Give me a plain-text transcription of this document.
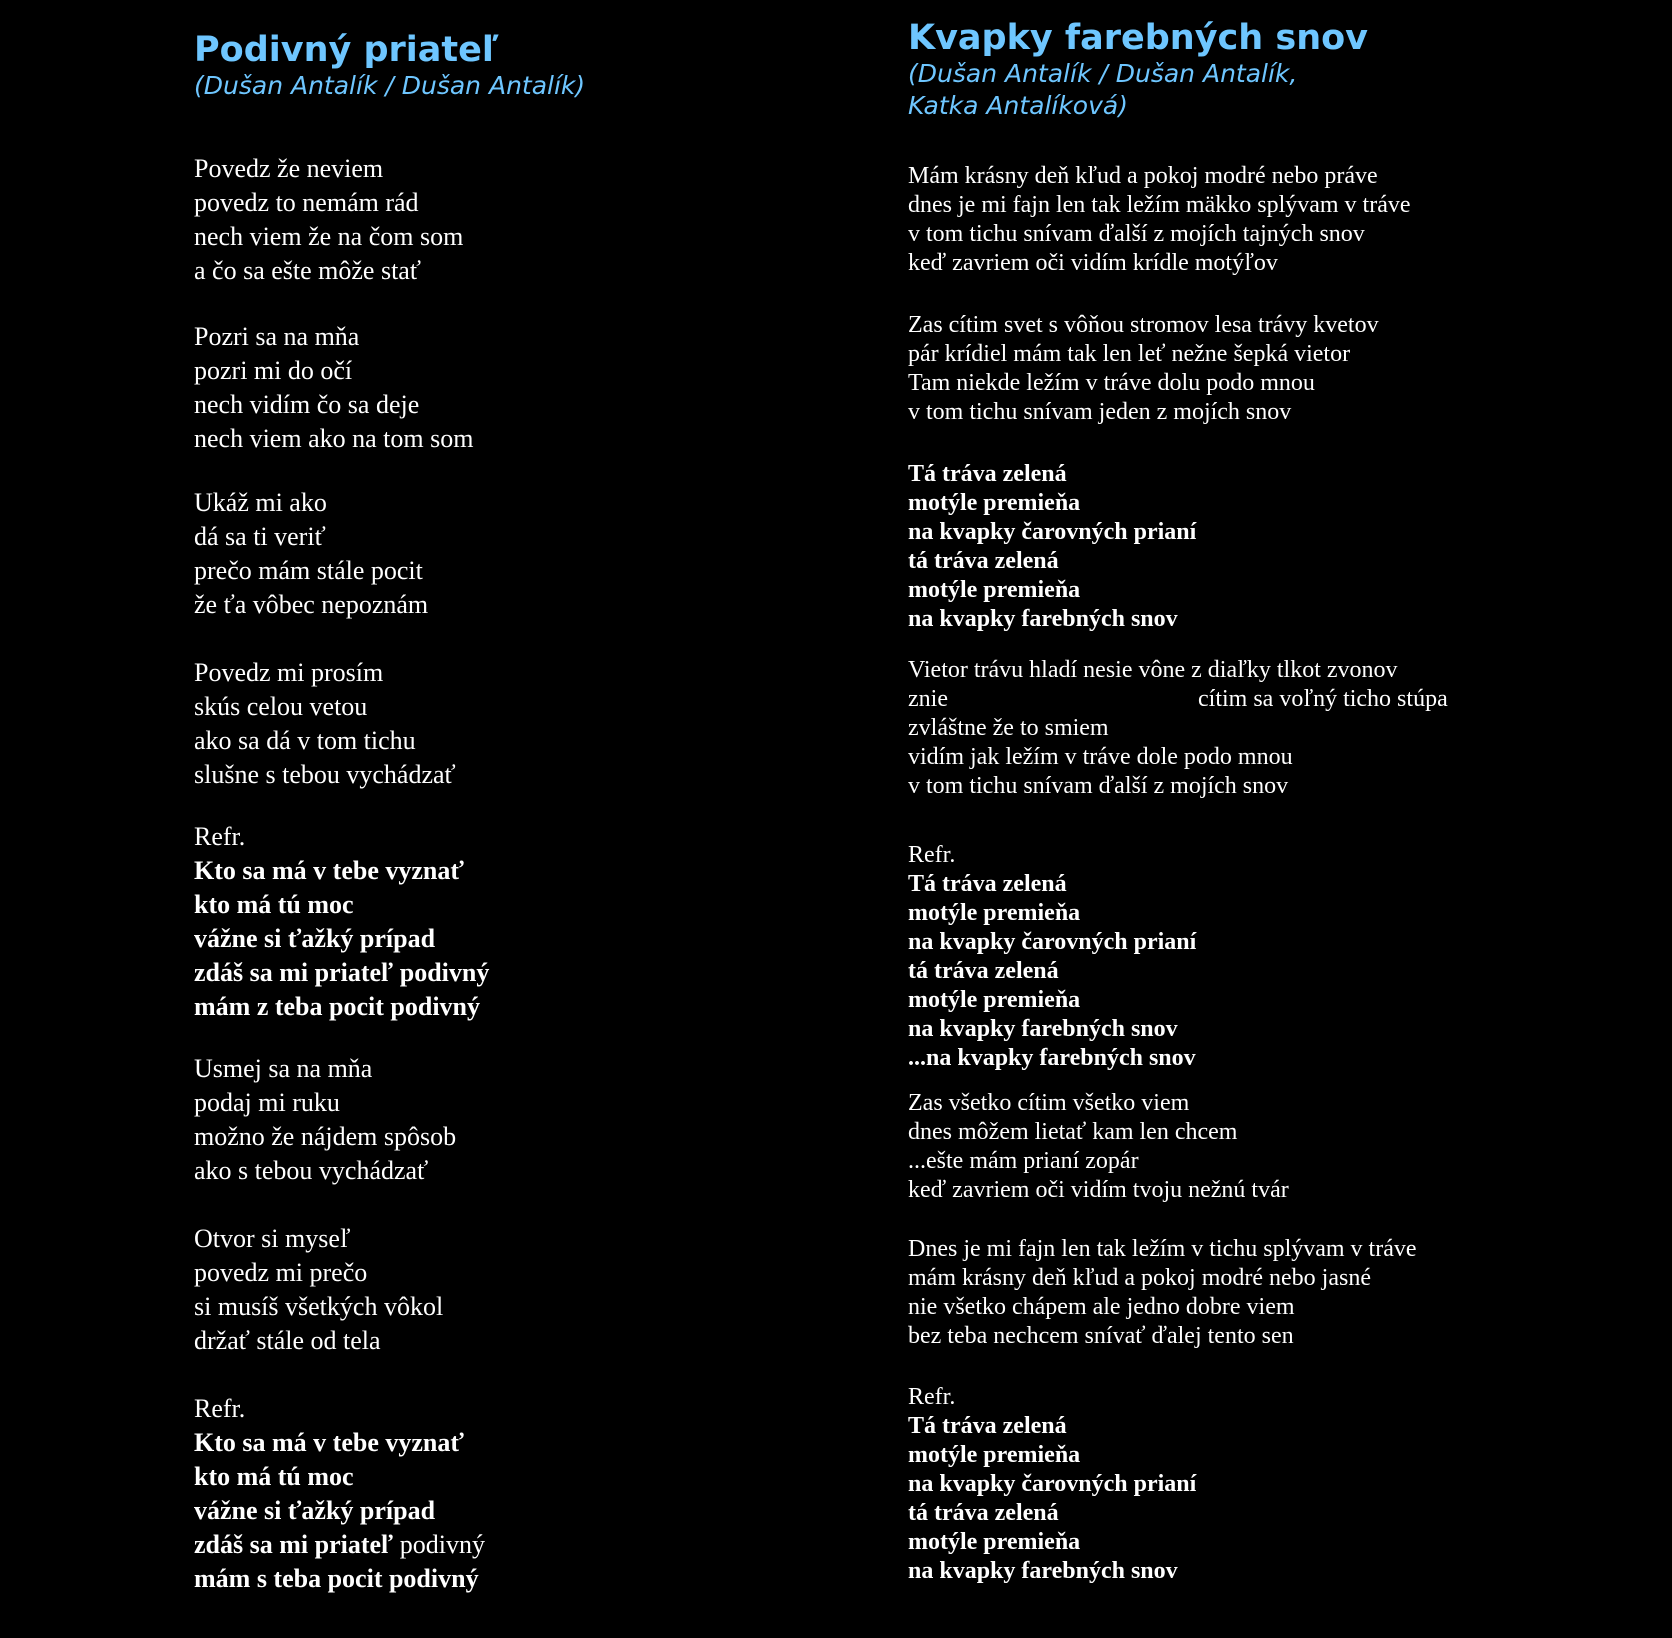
Podivný priateľ

(Dušan Antalík / Dušan Antalík)

Povedz že neviem
povedz to nemám rád
nech viem že na čom som
a čo sa ešte môže stať
Pozri sa na mňa
pozri mi do očí
nech vidím čo sa deje
nech viem ako na tom som
Ukáž mi ako
dá sa ti veriť
prečo mám stále pocit
že ťa vôbec nepoznám
Povedz mi prosím
skús celou vetou
ako sa dá v tom tichu
slušne s tebou vychádzať
Refr.
Kto sa má v tebe vyznať
kto má tú moc
vážne si ťažký prípad
zdáš sa mi priateľ podivný
mám z teba pocit podivný
Usmej sa na mňa
podaj mi ruku
možno že nájdem spôsob
ako s tebou vychádzať
Otvor si myseľ
povedz mi prečo
si musíš všetkých vôkol
držať stále od tela
Refr.
Kto sa má v tebe vyznať
kto má tú moc
vážne si ťažký prípad
zdáš sa mi priateľ podivný
mám s teba pocit podivný
Kvapky farebných snov

(Dušan Antalík / Dušan Antalík,
Katka Antalíková)

Mám krásny deň kľud a pokoj modré nebo práve
dnes je mi fajn len tak ležím mäkko splývam v tráve
v tom tichu snívam ďalší z mojích tajných snov
keď zavriem oči vidím krídle motýľov
Zas cítim svet s vôňou stromov lesa trávy kvetov
pár krídiel mám tak len leť nežne šepká vietor
Tam niekde ležím v tráve dolu podo mnou
v tom tichu snívam jeden z mojích snov
Tá tráva zelená
motýle premieňa
na kvapky čarovných prianí
tá tráva zelená
motýle premieňa
na kvapky farebných snov
Vietor trávu hladí nesie vône z diaľky tlkot zvonov
znie	cítim sa voľný ticho stúpa
zvláštne že to smiem
vidím jak ležím v tráve dole podo mnou
v tom tichu snívam ďalší z mojích snov
Refr.
Tá tráva zelená
motýle premieňa
na kvapky čarovných prianí
tá tráva zelená
motýle premieňa
na kvapky farebných snov
...na kvapky farebných snov
Zas všetko cítim všetko viem
dnes môžem lietať kam len chcem
...ešte mám prianí zopár
keď zavriem oči vidím tvoju nežnú tvár
Dnes je mi fajn len tak ležím v tichu splývam v tráve
mám krásny deň kľud a pokoj modré nebo jasné
nie všetko chápem ale jedno dobre viem
bez teba nechcem snívať ďalej tento sen
Refr.
Tá tráva zelená
motýle premieňa
na kvapky čarovných prianí
tá tráva zelená
motýle premieňa
na kvapky farebných snov
